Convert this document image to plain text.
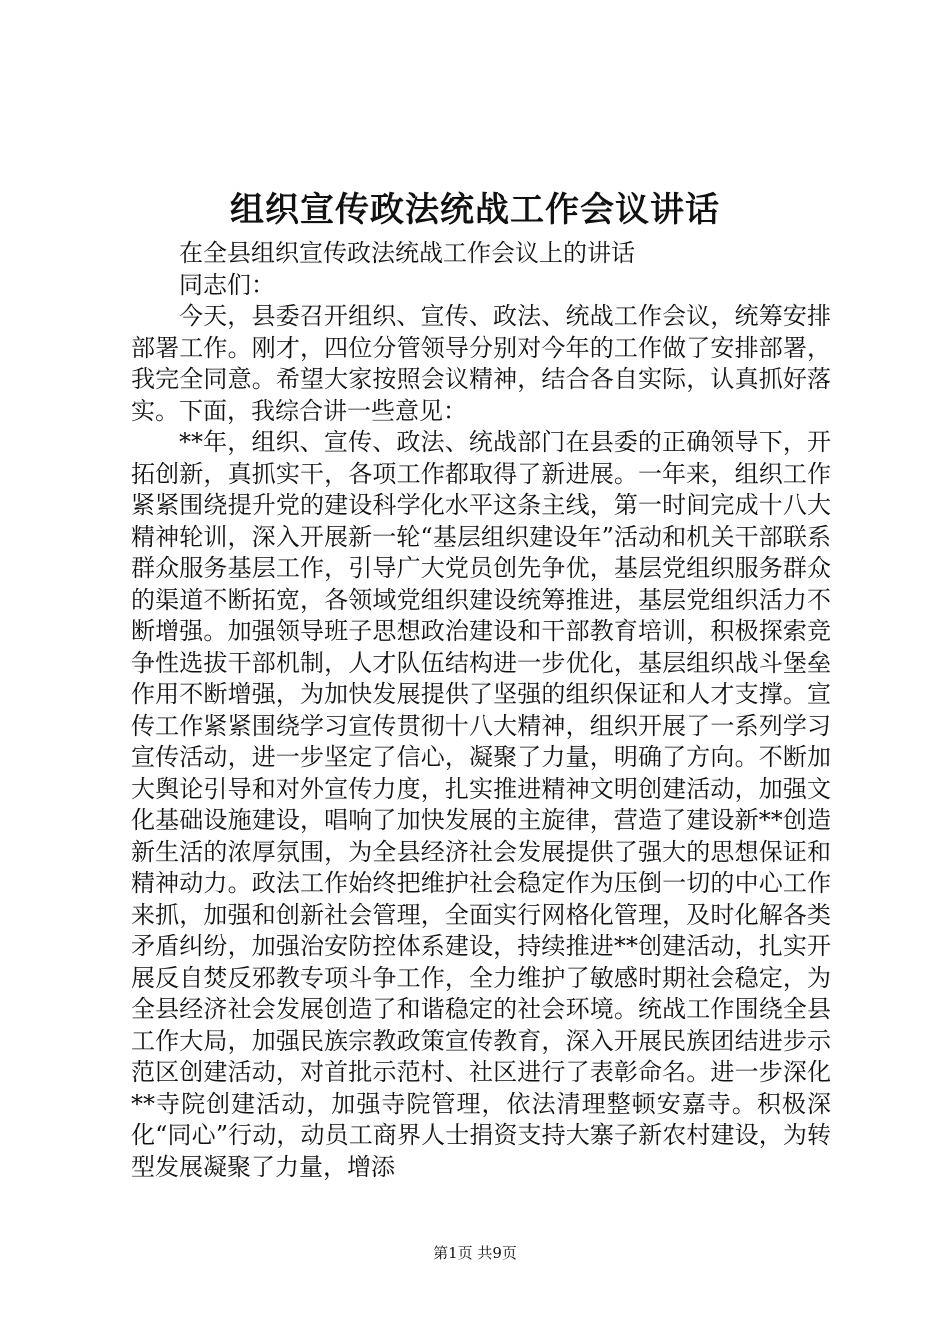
组织宣传政法统战工作会议讲话

在全县组织宣传政法统战工作会议上的讲话

同志们：

今天，县委召开组织、宣传、政法、统战工作会议，统筹安排部署工作。刚才，四位分管领导分别对今年的工作做了安排部署，我完全同意。希望大家按照会议精神，结合各自实际，认真抓好落实。下面，我综合讲一些意见：

**年，组织、宣传、政法、统战部门在县委的正确领导下，开拓创新，真抓实干，各项工作都取得了新进展。一年来，组织工作紧紧围绕提升党的建设科学化水平这条主线，第一时间完成十八大精神轮训，深入开展新一轮“基层组织建设年”活动和机关干部联系群众服务基层工作，引导广大党员创先争优，基层党组织服务群众的渠道不断拓宽，各领域党组织建设统筹推进，基层党组织活力不断增强。加强领导班子思想政治建设和干部教育培训，积极探索竞争性选拔干部机制，人才队伍结构进一步优化，基层组织战斗堡垒作用不断增强，为加快发展提供了坚强的组织保证和人才支撑。宣传工作紧紧围绕学习宣传贯彻十八大精神，组织开展了一系列学习宣传活动，进一步坚定了信心，凝聚了力量，明确了方向。不断加大舆论引导和对外宣传力度，扎实推进精神文明创建活动，加强文化基础设施建设，唱响了加快发展的主旋律，营造了建设新**创造新生活的浓厚氛围，为全县经济社会发展提供了强大的思想保证和精神动力。政法工作始终把维护社会稳定作为压倒一切的中心工作来抓，加强和创新社会管理，全面实行网格化管理，及时化解各类矛盾纠纷，加强治安防控体系建设，持续推进**创建活动，扎实开展反自焚反邪教专项斗争工作，全力维护了敏感时期社会稳定，为全县经济社会发展创造了和谐稳定的社会环境。统战工作围绕全县工作大局，加强民族宗教政策宣传教育，深入开展民族团结进步示范区创建活动，对首批示范村、社区进行了表彰命名。进一步深化**寺院创建活动，加强寺院管理，依法清理整顿安嘉寺。积极深化“同心”行动，动员工商界人士捐资支持大寨子新农村建设，为转型发展凝聚了力量，增添

第1页 共9页
